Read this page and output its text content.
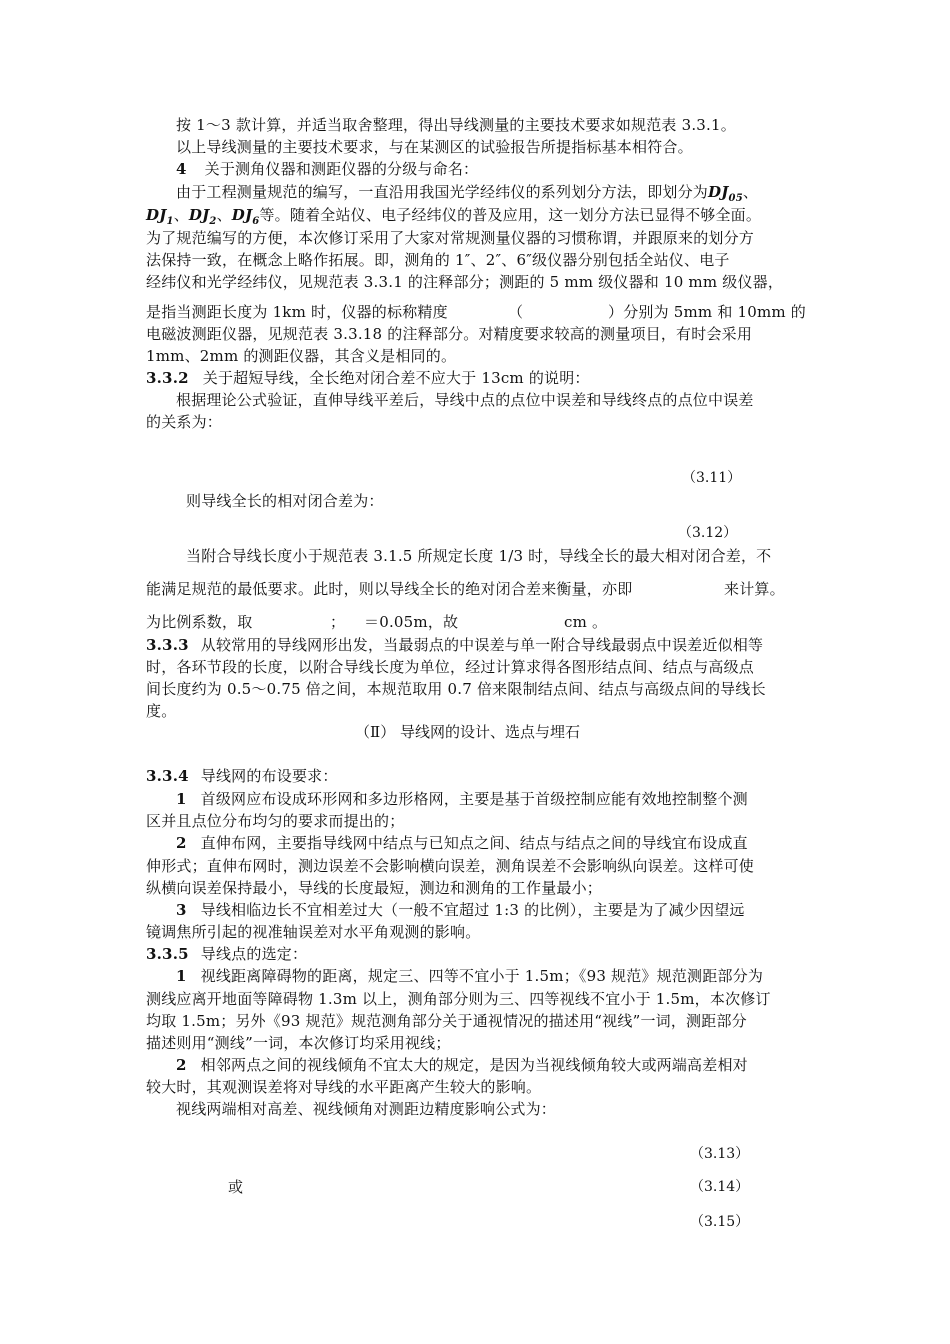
按 1～3 款计算，并适当取舍整理，得出导线测量的主要技术要求如规范表 3.3.1。
以上导线测量的主要技术要求，与在某测区的试验报告所提指标基本相符合。
4 关于测角仪器和测距仪器的分级与命名：
由于工程测量规范的编写，一直沿用我国光学经纬仪的系列划分方法，即划分为$DJ_{05}$、
$DJ_1$、$DJ_2$、$DJ_6$等。随着全站仪、电子经纬仪的普及应用，这一划分方法已显得不够全面。
为了规范编写的方便，本次修订采用了大家对常规测量仪器的习惯称谓，并跟原来的划分方
法保持一致，在概念上略作拓展。即，测角的 1″、2″、6″级仪器分别包括全站仪、电子
经纬仪和光学经纬仪，见规范表 3.3.1 的注释部分；测距的 5 mm 级仪器和 10 mm 级仪器，
是指当测距长度为 1km 时，仪器的标称精度	（	）分别为 5mm 和 10mm 的
电磁波测距仪器，见规范表 3.3.18 的注释部分。对精度要求较高的测量项目，有时会采用
1mm、2mm 的测距仪器，其含义是相同的。
3.3.2 关于超短导线，全长绝对闭合差不应大于 13cm 的说明：
根据理论公式验证，直伸导线平差后，导线中点的点位中误差和导线终点的点位中误差
的关系为：
（3.11）
则导线全长的相对闭合差为：
（3.12）
当附合导线长度小于规范表 3.1.5 所规定长度 1/3 时，导线全长的最大相对闭合差，不
能满足规范的最低要求。此时，则以导线全长的绝对闭合差来衡量，亦即	来计算。
为比例系数，取	； ＝0.05m，故	cm 。
3.3.3 从较常用的导线网形出发，当最弱点的中误差与单一附合导线最弱点中误差近似相等
时，各环节段的长度，以附合导线长度为单位，经过计算求得各图形结点间、结点与高级点
间长度约为 0.5～0.75 倍之间，本规范取用 0.7 倍来限制结点间、结点与高级点间的导线长
度。
（Ⅱ） 导线网的设计、选点与埋石
3.3.4 导线网的布设要求：
1 首级网应布设成环形网和多边形格网，主要是基于首级控制应能有效地控制整个测
区并且点位分布均匀的要求而提出的；
2 直伸布网，主要指导线网中结点与已知点之间、结点与结点之间的导线宜布设成直
伸形式；直伸布网时，测边误差不会影响横向误差，测角误差不会影响纵向误差。这样可使
纵横向误差保持最小，导线的长度最短，测边和测角的工作量最小；
3 导线相临边长不宜相差过大（一般不宜超过 1:3 的比例），主要是为了减少因望远
镜调焦所引起的视准轴误差对水平角观测的影响。
3.3.5 导线点的选定：
1 视线距离障碍物的距离，规定三、四等不宜小于 1.5m；《93 规范》规范测距部分为
测线应离开地面等障碍物 1.3m 以上，测角部分则为三、四等视线不宜小于 1.5m，本次修订
均取 1.5m；另外《93 规范》规范测角部分关于通视情况的描述用“视线”一词，测距部分
描述则用“测线”一词，本次修订均采用视线；
2 相邻两点之间的视线倾角不宜太大的规定，是因为当视线倾角较大或两端高差相对
较大时，其观测误差将对导线的水平距离产生较大的影响。
视线两端相对高差、视线倾角对测距边精度影响公式为：
（3.13）
或	（3.14）
（3.15）
